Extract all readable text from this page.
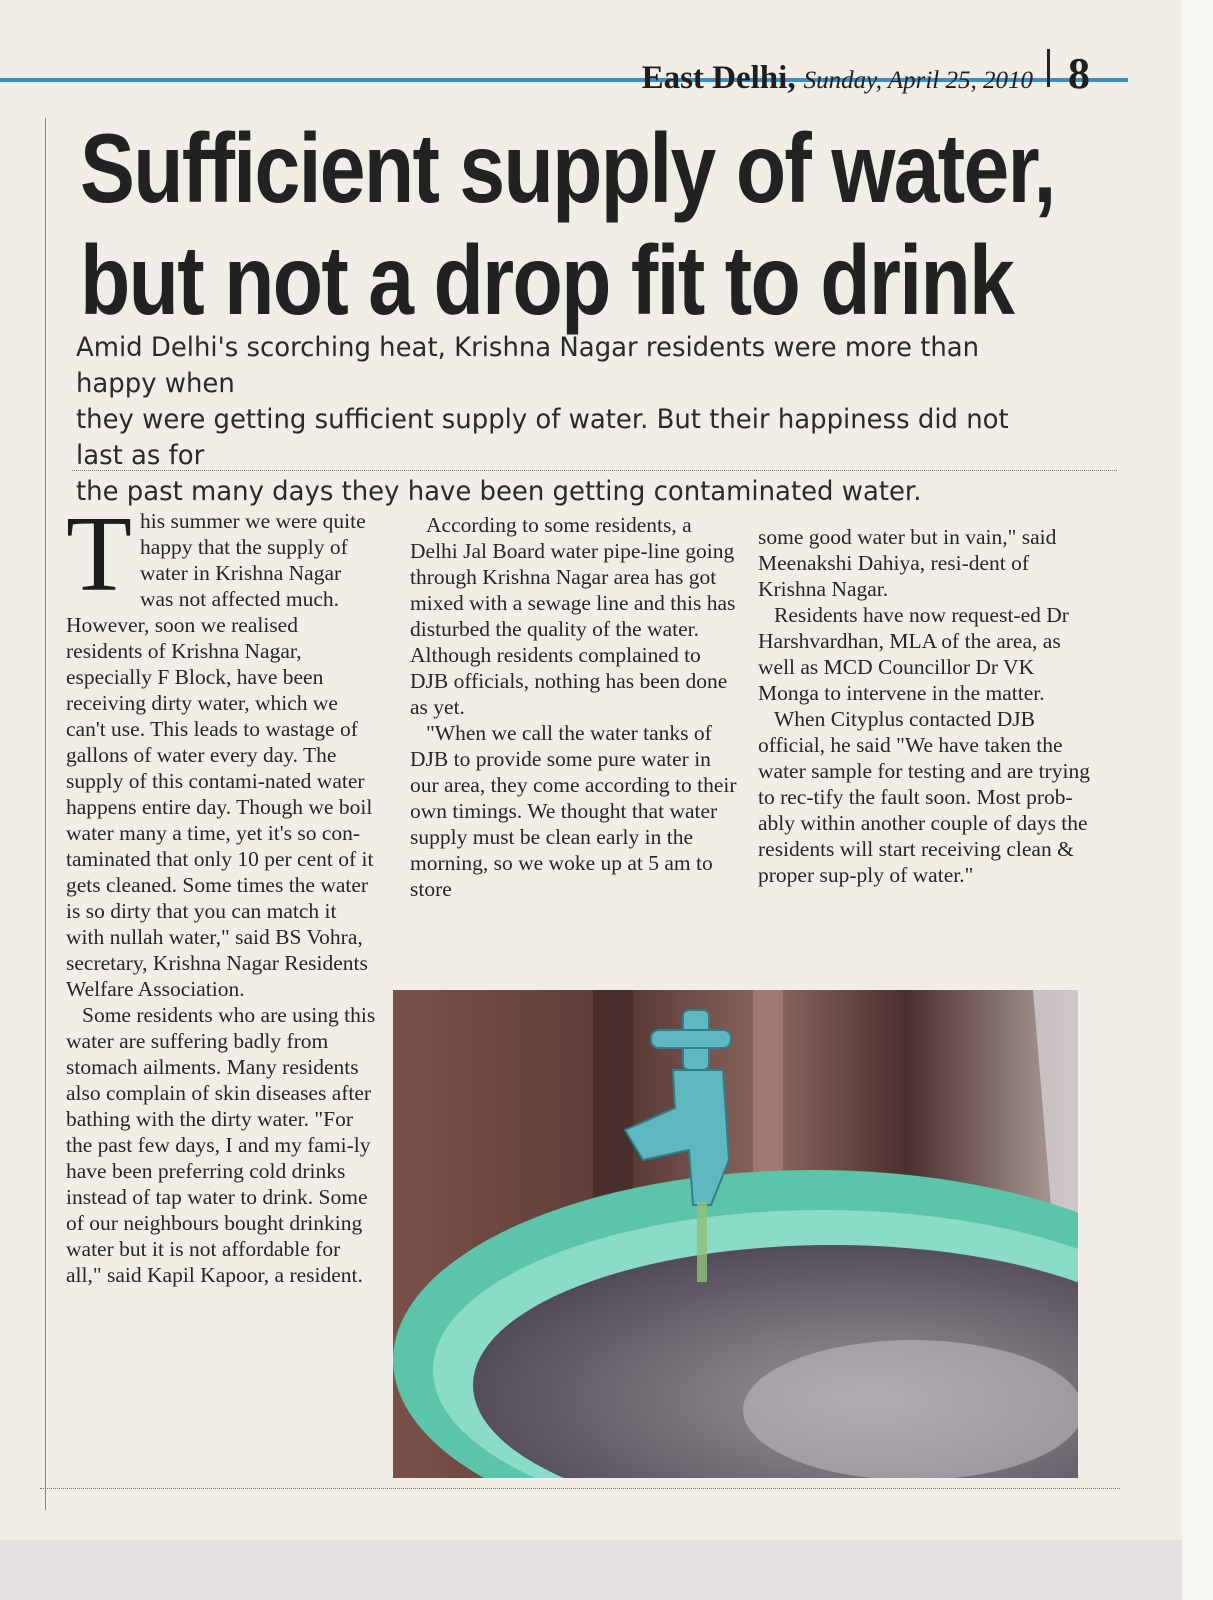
East Delhi, Sunday, April 25, 2010 8
Sufficient supply of water,
but not a drop fit to drink

Amid Delhi's scorching heat, Krishna Nagar residents were more than happy when
they were getting sufficient supply of water. But their happiness did not last as for
the past many days they have been getting contaminated water.

This summer we were quite happy that the supply of water in Krishna Nagar was not affected much. However, soon we realised residents of Krishna Nagar, especially F Block, have been receiving dirty water, which we can't use. This leads to wastage of gallons of water every day. The supply of this contami-nated water happens entire day. Though we boil water many a time, yet it's so con-taminated that only 10 per cent of it gets cleaned. Some times the water is so dirty that you can match it with nullah water," said BS Vohra, secretary, Krishna Nagar Residents Welfare Association.

Some residents who are using this water are suffering badly from stomach ailments. Many residents also complain of skin diseases after bathing with the dirty water. "For the past few days, I and my fami-ly have been preferring cold drinks instead of tap water to drink. Some of our neighbours bought drinking water but it is not affordable for all," said Kapil Kapoor, a resident.

According to some residents, a Delhi Jal Board water pipe-line going through Krishna Nagar area has got mixed with a sewage line and this has disturbed the quality of the water. Although residents complained to DJB officials, nothing has been done as yet.

"When we call the water tanks of DJB to provide some pure water in our area, they come according to their own timings. We thought that water supply must be clean early in the morning, so we woke up at 5 am to store

some good water but in vain," said Meenakshi Dahiya, resi-dent of Krishna Nagar.

Residents have now request-ed Dr Harshvardhan, MLA of the area, as well as MCD Councillor Dr VK Monga to intervene in the matter.

When Cityplus contacted DJB official, he said "We have taken the water sample for testing and are trying to rec-tify the fault soon. Most prob-ably within another couple of days the residents will start receiving clean & proper sup-ply of water."
